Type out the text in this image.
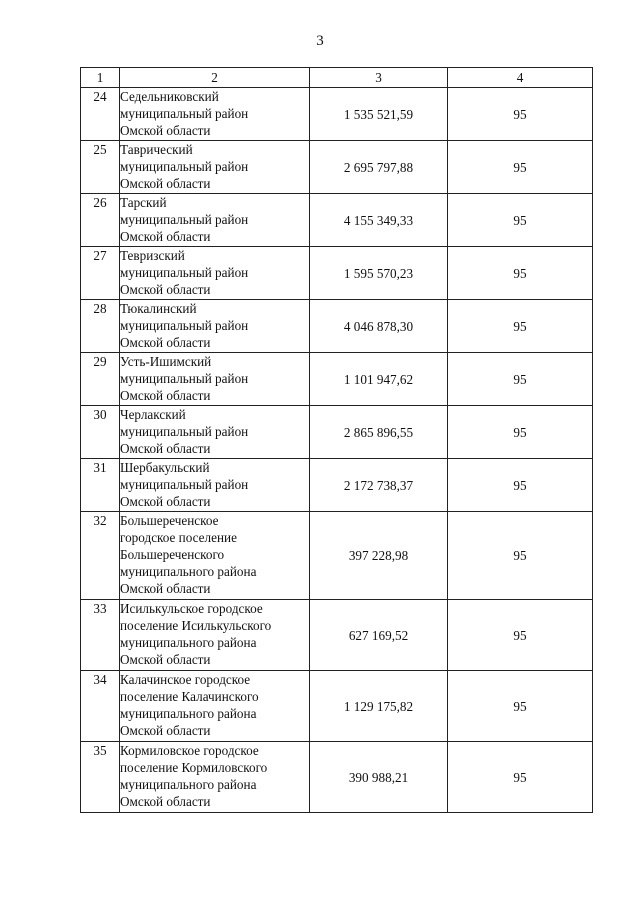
3
1	2	3	4
24	Седельниковский
муниципальный район
Омской области	1 535 521,59	95
25	Таврический
муниципальный район
Омской области	2 695 797,88	95
26	Тарский
муниципальный район
Омской области	4 155 349,33	95
27	Тевризский
муниципальный район
Омской области	1 595 570,23	95
28	Тюкалинский
муниципальный район
Омской области	4 046 878,30	95
29	Усть-Ишимский
муниципальный район
Омской области	1 101 947,62	95
30	Черлакский
муниципальный район
Омской области	2 865 896,55	95
31	Шербакульский
муниципальный район
Омской области	2 172 738,37	95
32	Большереченское
городское поселение
Большереченского
муниципального района
Омской области	397 228,98	95
33	Исилькульское городское
поселение Исилькульского
муниципального района
Омской области	627 169,52	95
34	Калачинское городское
поселение Калачинского
муниципального района
Омской области	1 129 175,82	95
35	Кормиловское городское
поселение Кормиловского
муниципального района
Омской области	390 988,21	95
